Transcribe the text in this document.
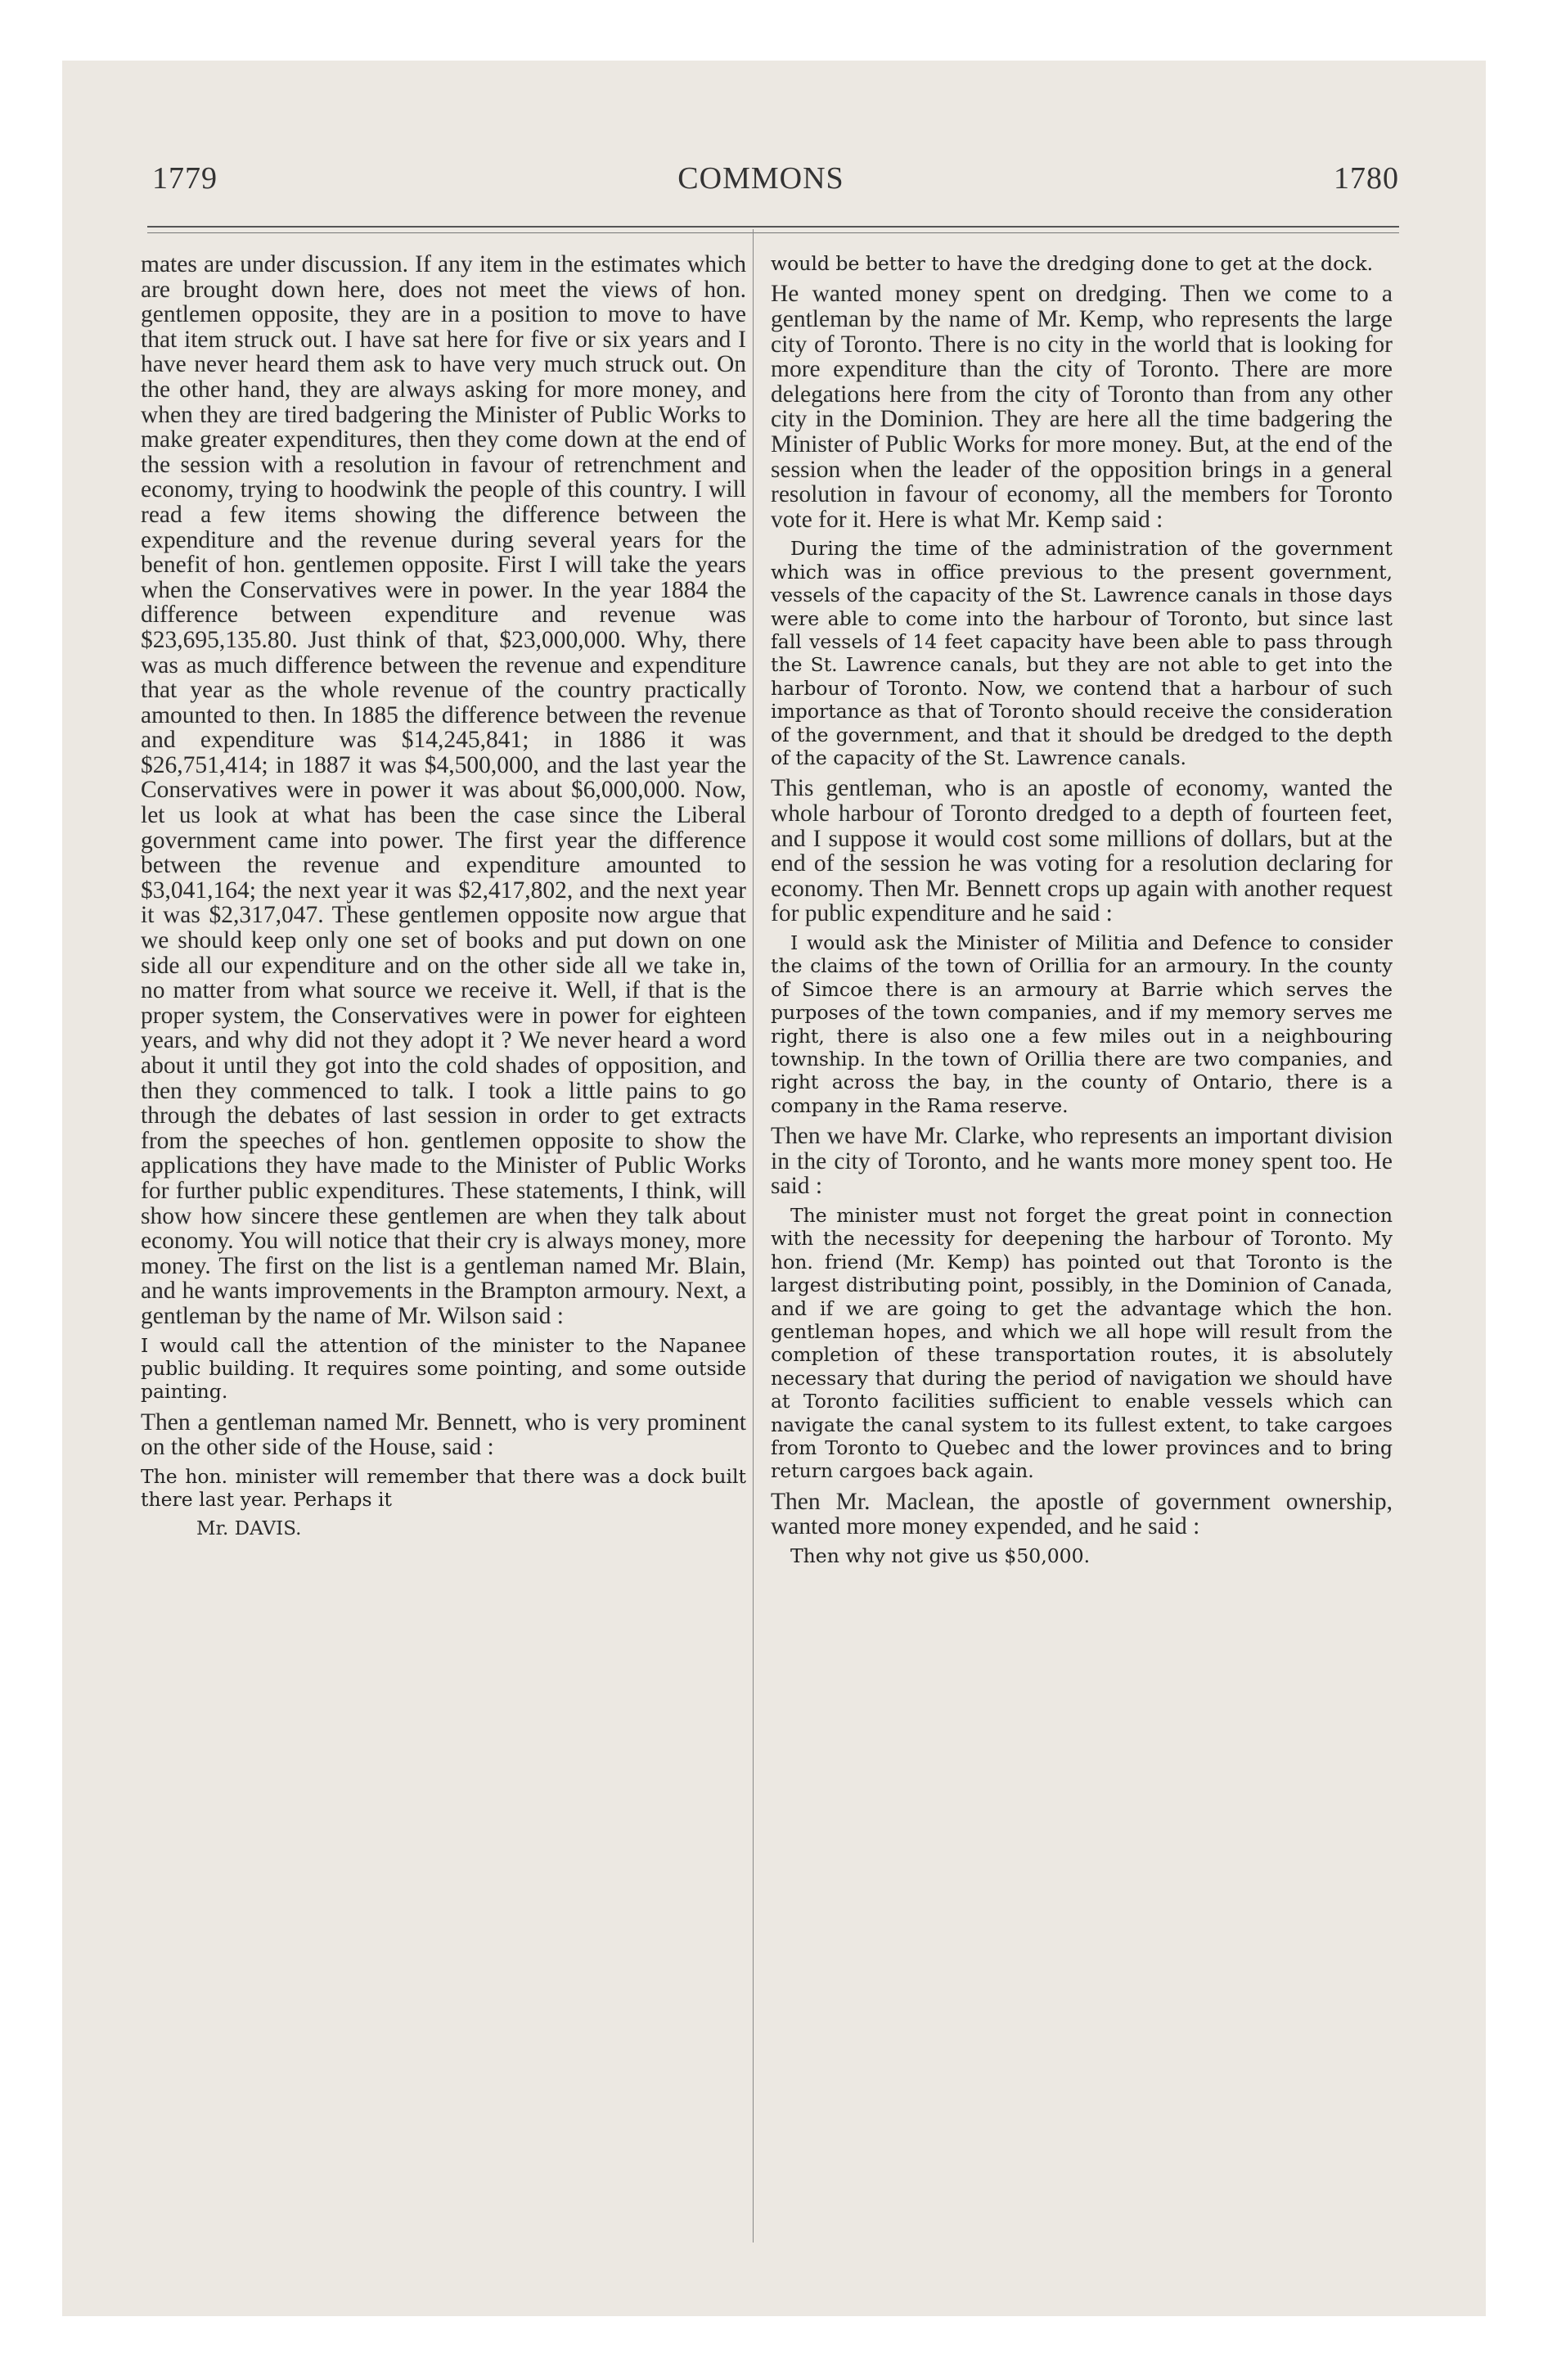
1779	COMMONS	1780

mates are under discussion. If any item in the estimates which are brought down here, does not meet the views of hon. gentlemen opposite, they are in a position to move to have that item struck out. I have sat here for five or six years and I have never heard them ask to have very much struck out. On the other hand, they are always asking for more money, and when they are tired badgering the Minister of Public Works to make greater expenditures, then they come down at the end of the session with a resolution in favour of retrenchment and economy, trying to hoodwink the people of this country. I will read a few items showing the difference between the expenditure and the revenue during several years for the benefit of hon. gentlemen opposite. First I will take the years when the Conservatives were in power. In the year 1884 the difference between expenditure and revenue was $23,695,135.80. Just think of that, $23,000,000. Why, there was as much difference between the revenue and expenditure that year as the whole revenue of the country practically amounted to then. In 1885 the difference between the revenue and expenditure was $14,245,841; in 1886 it was $26,751,414; in 1887 it was $4,500,000, and the last year the Conservatives were in power it was about $6,000,000. Now, let us look at what has been the case since the Liberal government came into power. The first year the difference between the revenue and expenditure amounted to $3,041,164; the next year it was $2,417,802, and the next year it was $2,317,047. These gentlemen opposite now argue that we should keep only one set of books and put down on one side all our expenditure and on the other side all we take in, no matter from what source we receive it. Well, if that is the proper system, the Conservatives were in power for eighteen years, and why did not they adopt it ? We never heard a word about it until they got into the cold shades of opposition, and then they commenced to talk. I took a little pains to go through the debates of last session in order to get extracts from the speeches of hon. gentlemen opposite to show the applications they have made to the Minister of Public Works for further public expenditures. These statements, I think, will show how sincere these gentlemen are when they talk about economy. You will notice that their cry is always money, more money. The first on the list is a gentleman named Mr. Blain, and he wants improvements in the Brampton armoury. Next, a gentleman by the name of Mr. Wilson said :

I would call the attention of the minister to the Napanee public building. It requires some pointing, and some outside painting.

Then a gentleman named Mr. Bennett, who is very prominent on the other side of the House, said :

The hon. minister will remember that there was a dock built there last year. Perhaps it

Mr. DAVIS.

would be better to have the dredging done to get at the dock.

He wanted money spent on dredging. Then we come to a gentleman by the name of Mr. Kemp, who represents the large city of Toronto. There is no city in the world that is looking for more expenditure than the city of Toronto. There are more delegations here from the city of Toronto than from any other city in the Dominion. They are here all the time badgering the Minister of Public Works for more money. But, at the end of the session when the leader of the opposition brings in a general resolution in favour of economy, all the members for Toronto vote for it. Here is what Mr. Kemp said :

During the time of the administration of the government which was in office previous to the present government, vessels of the capacity of the St. Lawrence canals in those days were able to come into the harbour of Toronto, but since last fall vessels of 14 feet capacity have been able to pass through the St. Lawrence canals, but they are not able to get into the harbour of Toronto. Now, we contend that a harbour of such importance as that of Toronto should receive the consideration of the government, and that it should be dredged to the depth of the capacity of the St. Lawrence canals.

This gentleman, who is an apostle of economy, wanted the whole harbour of Toronto dredged to a depth of fourteen feet, and I suppose it would cost some millions of dollars, but at the end of the session he was voting for a resolution declaring for economy. Then Mr. Bennett crops up again with another request for public expenditure and he said :

I would ask the Minister of Militia and Defence to consider the claims of the town of Orillia for an armoury. In the county of Simcoe there is an armoury at Barrie which serves the purposes of the town companies, and if my memory serves me right, there is also one a few miles out in a neighbouring township. In the town of Orillia there are two companies, and right across the bay, in the county of Ontario, there is a company in the Rama reserve.

Then we have Mr. Clarke, who represents an important division in the city of Toronto, and he wants more money spent too. He said :

The minister must not forget the great point in connection with the necessity for deepening the harbour of Toronto. My hon. friend (Mr. Kemp) has pointed out that Toronto is the largest distributing point, possibly, in the Dominion of Canada, and if we are going to get the advantage which the hon. gentleman hopes, and which we all hope will result from the completion of these transportation routes, it is absolutely necessary that during the period of navigation we should have at Toronto facilities sufficient to enable vessels which can navigate the canal system to its fullest extent, to take cargoes from Toronto to Quebec and the lower provinces and to bring return cargoes back again.

Then Mr. Maclean, the apostle of government ownership, wanted more money expended, and he said :

Then why not give us $50,000.
